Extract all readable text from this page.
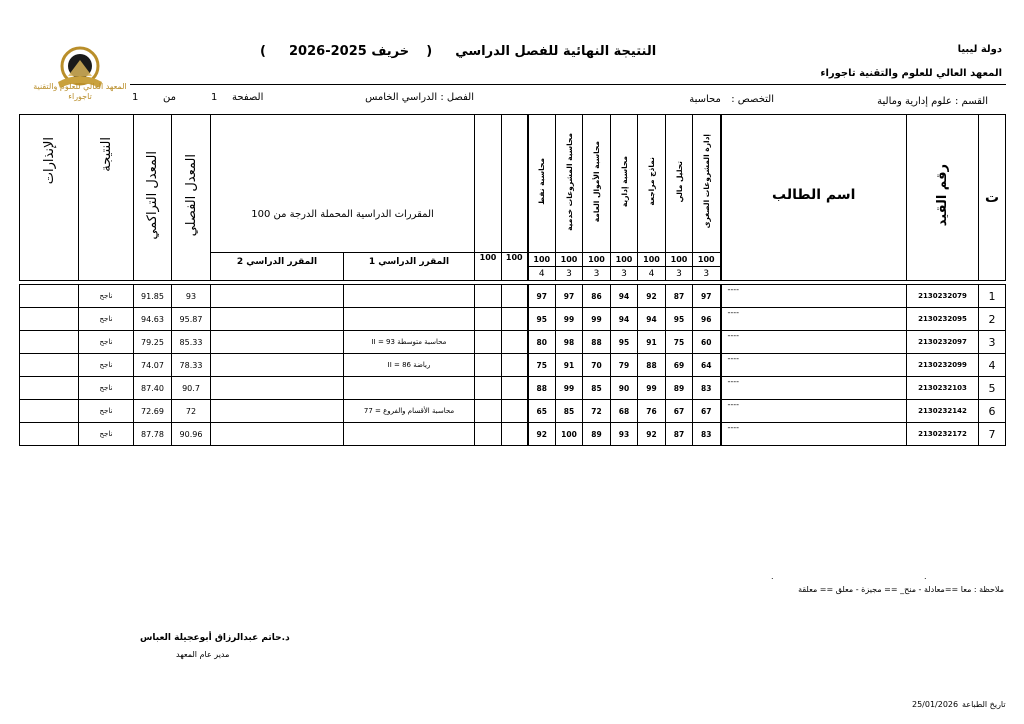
دولة ليبيا
المعهد العالي للعلوم والتقنية تاجوراء
النتيجة النهائية للفصل الدراسي  (  خريف 2025-2026  )
المعهد العالي للعلوم والتقنية تاجوراء	القسم : علوم إدارية ومالية
التخصص :  محاسبة
الفصل : الدراسي الخامس
الصفحة
1
من
1
ت	رقم القيد	اسم الطالب	إدارة المشروعات الصغرى	تحليل مالي	نماذج مراجعة	محاسبة إدارية	محاسبة الأموال العامة	محاسبة المشروعات خدمية	محاسبة نفط			المقررات الدراسية المحملة الدرجة من 100		المعدل الفصلي	المعدل التراكمي	النتيجة	الإنذارات
			100	100	100	100	100	100	100	100	100	المقرر الدراسي 1	المقرر الدراسي 2				
			3	3	4	3	3	3	4								

1	2130232079	----	97	87	92	94	86	97	97					93	91.85	ناجح	
2	2130232095	----	96	95	94	94	99	99	95					95.87	94.63	ناجح	
3	2130232097	----	60	75	91	95	88	98	80			محاسبة متوسطة II = 93		85.33	79.25	ناجح	
4	2130232099	----	64	69	88	79	70	91	75			رياضة II = 86		78.33	74.07	ناجح	
5	2130232103	----	83	89	99	90	85	99	88					90.7	87.40	ناجح	
6	2130232142	----	67	67	76	68	72	85	65			محاسبة الأقسام والفروع = 77		72	72.69	ناجح	
7	2130232172	----	83	87	92	93	89	100	92					90.96	87.78	ناجح	
ملاحظة : معا ==معادلة - منح_ == مجيزة - معلق == معلقة
.
.
د.حاتم عبدالرزاق أبوعجيلة العباس
مدير عام المعهد
25/01/2026 تاريخ الطباعة
